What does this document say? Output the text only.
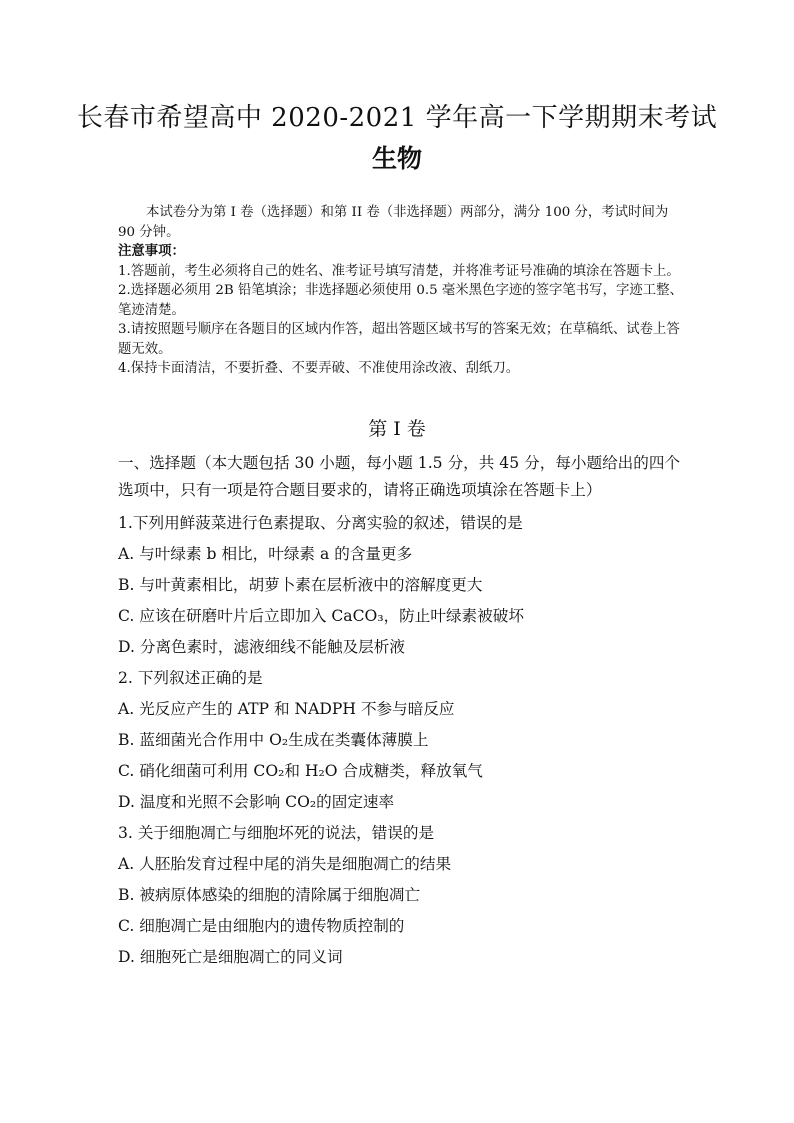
长春市希望高中 2020-2021 学年高一下学期期末考试
生物

本试卷分为第 I 卷（选择题）和第 II 卷（非选择题）两部分，满分 100 分，考试时间为 90 分钟。

注意事项：

1.答题前，考生必须将自己的姓名、准考证号填写清楚，并将准考证号准确的填涂在答题卡上。

2.选择题必须用 2B 铅笔填涂；非选择题必须使用 0.5 毫米黑色字迹的签字笔书写，字迹工整、笔迹清楚。

3.请按照题号顺序在各题目的区域内作答，超出答题区域书写的答案无效；在草稿纸、试卷上答题无效。

4.保持卡面清洁，不要折叠、不要弄破、不准使用涂改液、刮纸刀。

第 I 卷
一、选择题（本大题包括 30 小题，每小题 1.5 分，共 45 分，每小题给出的四个选项中，只有一项是符合题目要求的，请将正确选项填涂在答题卡上）
1.下列用鲜菠菜进行色素提取、分离实验的叙述，错误的是
A. 与叶绿素 b 相比，叶绿素 a 的含量更多
B. 与叶黄素相比，胡萝卜素在层析液中的溶解度更大
C. 应该在研磨叶片后立即加入 CaCO₃，防止叶绿素被破坏
D. 分离色素时，滤液细线不能触及层析液
2. 下列叙述正确的是
A. 光反应产生的 ATP 和 NADPH 不参与暗反应
B. 蓝细菌光合作用中 O₂生成在类囊体薄膜上
C. 硝化细菌可利用 CO₂和 H₂O 合成糖类，释放氧气
D. 温度和光照不会影响 CO₂的固定速率
3. 关于细胞凋亡与细胞坏死的说法，错误的是
A. 人胚胎发育过程中尾的消失是细胞凋亡的结果
B. 被病原体感染的细胞的清除属于细胞凋亡
C. 细胞凋亡是由细胞内的遗传物质控制的
D. 细胞死亡是细胞凋亡的同义词
